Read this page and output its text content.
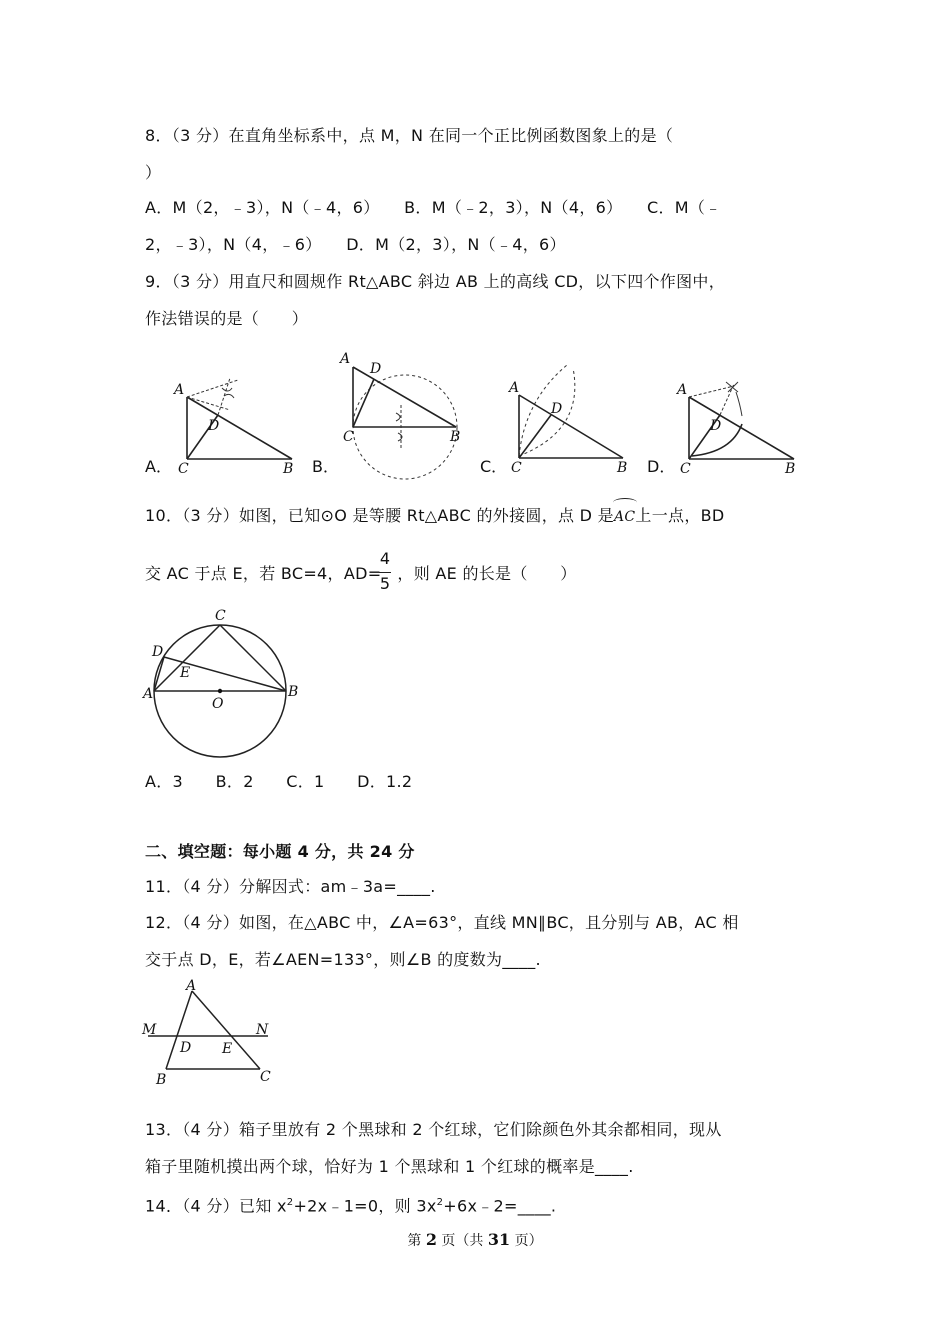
8．（3 分）在直角坐标系中，点 M，N 在同一个正比例函数图象上的是（
）
A．M（2，﹣3），N（﹣4，6）　　B．M（﹣2，3），N（4，6）　　C．M（﹣
2，﹣3），N（4，﹣6）　　D．M（2，3），N（﹣4，6）
9．（3 分）用直尺和圆规作 Rt△ABC 斜边 AB 上的高线 CD，以下四个作图中，
作法错误的是（　　）
A．	B．	C．	D．
A
D
C	B
A
D
C	B
A
D
C	B
A
D
C	B
10．（3 分）如图，已知⊙O 是等腰 Rt△ABC 的外接圆，点 D 是
AC上一点，BD
交 AC 于点 E，若 BC=4，AD= ，则 AE 的长是（　　）
4
5
C
D
E
A
O
B
A．3　　B．2　　C．1　　D．1.2
二、填空题：每小题 4 分，共 24 分
11．（4 分）分解因式：am﹣3a=____.
12．（4 分）如图，在△ABC 中，∠A=63°，直线 MN∥BC，且分别与 AB，AC 相
交于点 D，E，若∠AEN=133°，则∠B 的度数为____.
A
M	N
D E
B	C
13．（4 分）箱子里放有 2 个黑球和 2 个红球，它们除颜色外其余都相同，现从
箱子里随机摸出两个球，恰好为 1 个黑球和 1 个红球的概率是____.
14．（4 分）已知 $x^2+2x﹣1=0$，则 $3x^2+6x﹣2=\_\_\_\_$.
第 2 页（共 31 页）
